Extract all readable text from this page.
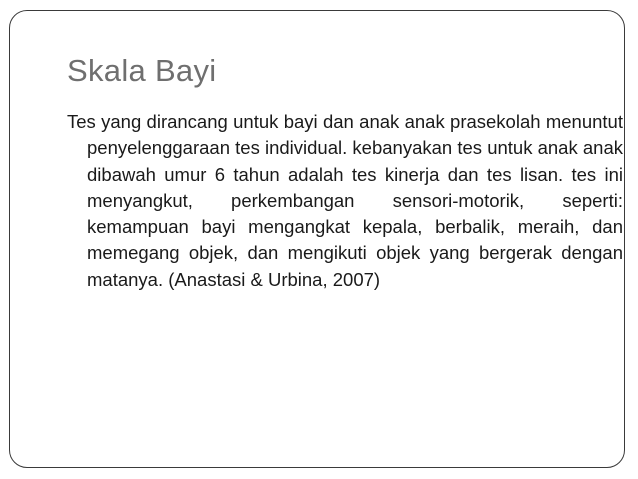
Skala Bayi

Tes yang dirancang untuk bayi dan anak anak prasekolah menuntut penyelenggaraan tes individual. kebanyakan tes untuk anak anak dibawah umur 6 tahun adalah tes kinerja dan tes lisan. tes ini menyangkut, perkembangan sensori-motorik, seperti: kemampuan bayi mengangkat kepala, berbalik, meraih, dan memegang objek, dan mengikuti objek yang bergerak dengan matanya. (Anastasi & Urbina, 2007)
